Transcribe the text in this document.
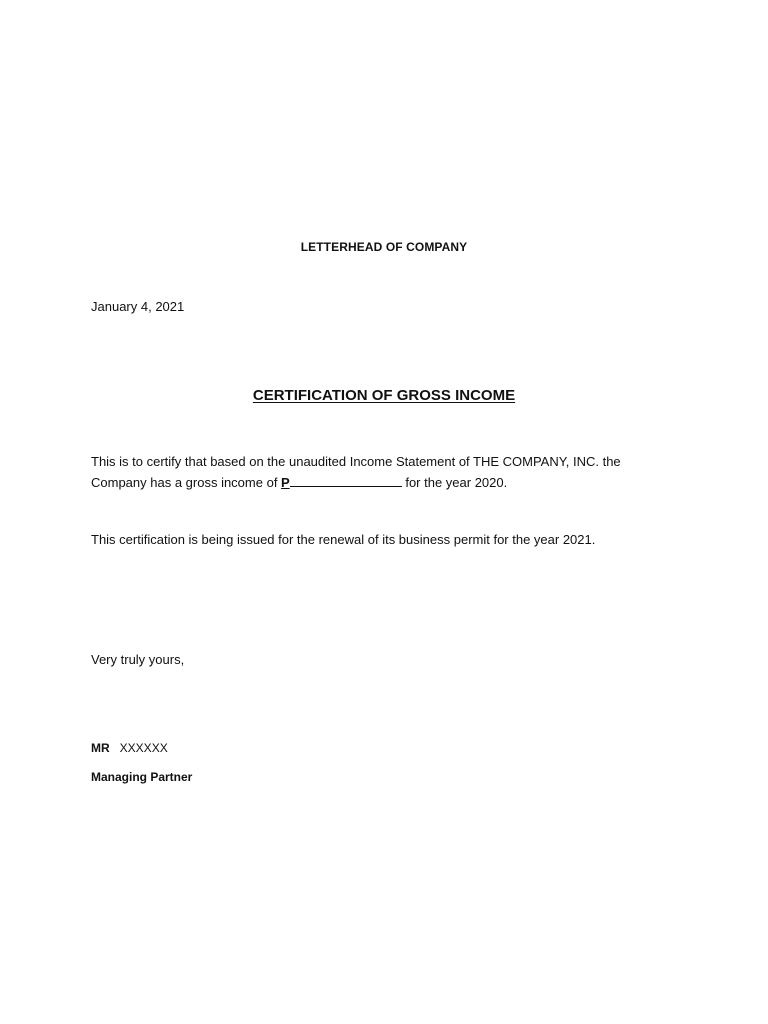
LETTERHEAD OF COMPANY
January 4, 2021
CERTIFICATION OF GROSS INCOME
This is to certify that based on the unaudited Income Statement of THE COMPANY, INC. the
Company has a gross income of P	for the year 2020.
This certification is being issued for the renewal of its business permit for the year 2021.
Very truly yours,
MR XXXXXX
Managing Partner
